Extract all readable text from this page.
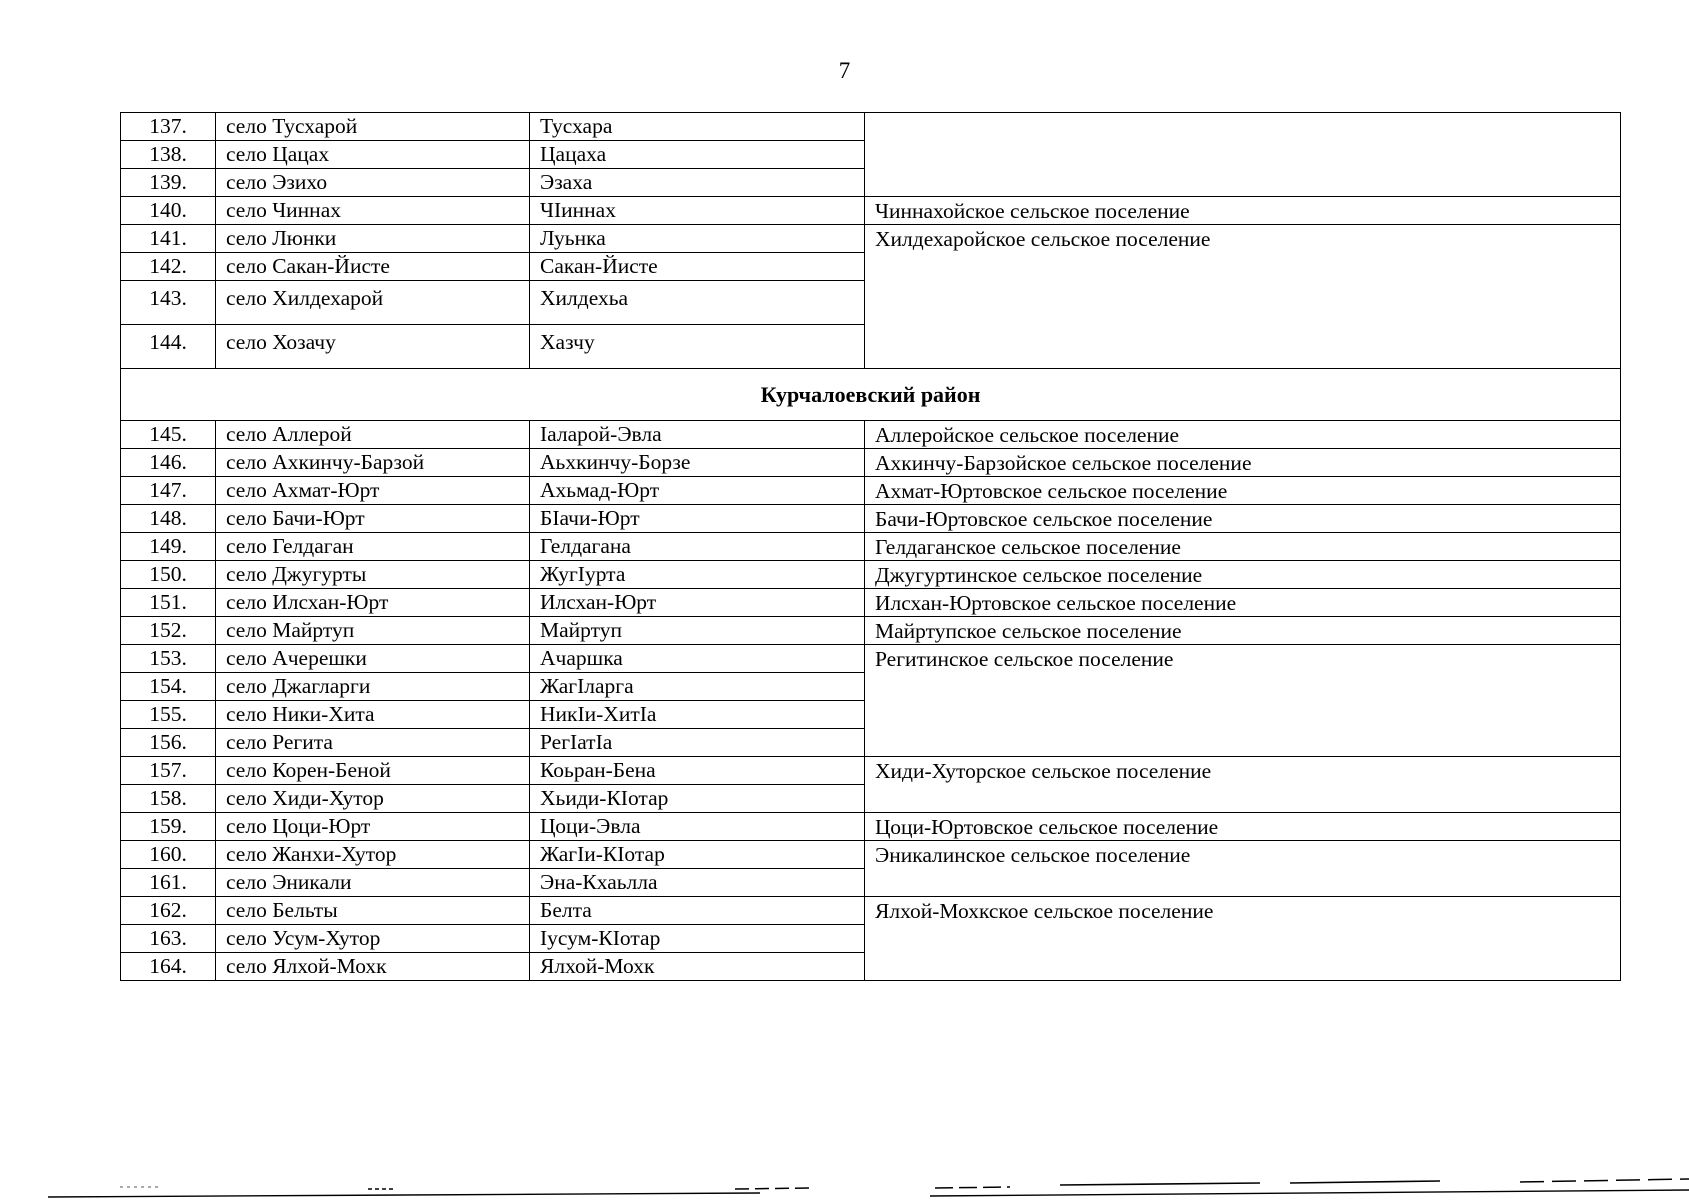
7
137.	село Тусхарой	Тусхара	
138.	село Цацах	Цацаха	
139.	село Эзихо	Эзаха	
140.	село Чиннах	ЧIиннах	Чиннахойское сельское поселение
141.	село Люнки	Луьнка	Хилдехаройское сельское поселение
142.	село Сакан-Йисте	Сакан-Йисте	
143.	село Хилдехарой	Хилдехьа	
144.	село Хозачу	Хазчу	
Курчалоевский район			
145.	село Аллерой	Iаларой-Эвла	Аллеройское сельское поселение
146.	село Ахкинчу-Барзой	Аьхкинчу-Борзе	Ахкинчу-Барзойское сельское поселение
147.	село Ахмат-Юрт	Ахьмад-Юрт	Ахмат-Юртовское сельское поселение
148.	село Бачи-Юрт	БIачи-Юрт	Бачи-Юртовское сельское поселение
149.	село Гелдаган	Гелдагана	Гелдаганское сельское поселение
150.	село Джугурты	ЖугIурта	Джугуртинское сельское поселение
151.	село Илсхан-Юрт	Илсхан-Юрт	Илсхан-Юртовское сельское поселение
152.	село Майртуп	Майртуп	Майртупское сельское поселение
153.	село Ачерешки	Ачаршка	Регитинское сельское поселение
154.	село Джагларги	ЖагIларга	
155.	село Ники-Хита	НикIи-ХитIа	
156.	село Регита	РегIатIа	
157.	село Корен-Беной	Коьран-Бена	Хиди-Хуторское сельское поселение
158.	село Хиди-Хутор	Хьиди-КIотар	
159.	село Цоци-Юрт	Цоци-Эвла	Цоци-Юртовское сельское поселение
160.	село Жанхи-Хутор	ЖагIи-КIотар	Эникалинское сельское поселение
161.	село Эникали	Эна-Кхаьлла	
162.	село Бельты	Белта	Ялхой-Мохкское сельское поселение
163.	село Усум-Хутор	Iусум-КIотар	
164.	село Ялхой-Мохк	Ялхой-Мохк	
